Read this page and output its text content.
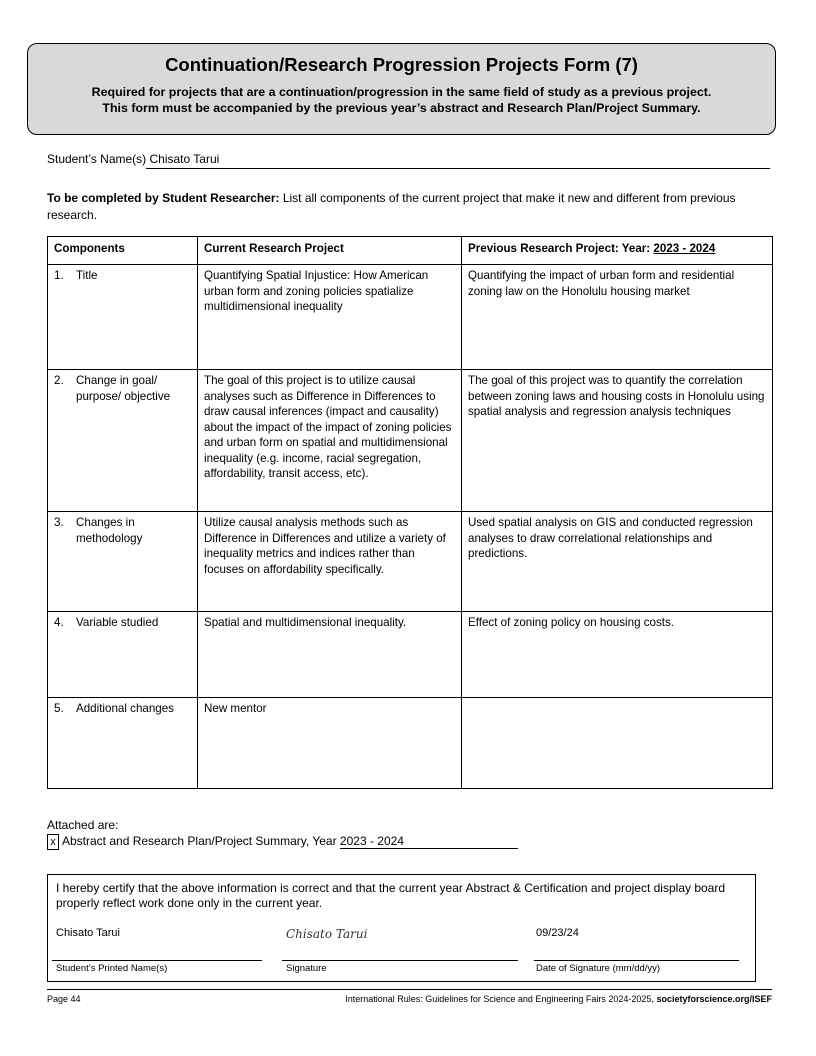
Continuation/Research Progression Projects Form (7)
Required for projects that are a continuation/progression in the same field of study as a previous project.
This form must be accompanied by the previous year’s abstract and Research Plan/Project Summary.
Student’s Name(s) Chisato Tarui
To be completed by Student Researcher: List all components of the current project that make it new and different from previous research.
Components	Current Research Project	Previous Research Project: Year: 2023 - 2024
1. Title	Quantifying Spatial Injustice: How American urban form and zoning policies spatialize multidimensional inequality	Quantifying the impact of urban form and residential zoning law on the Honolulu housing market
2. Change in goal/ purpose/ objective	The goal of this project is to utilize causal analyses such as Difference in Differences to draw causal inferences (impact and causality) about the impact of the impact of zoning policies and urban form on spatial and multidimensional inequality (e.g. income, racial segregation, affordability, transit access, etc).	The goal of this project was to quantify the correlation between zoning laws and housing costs in Honolulu using spatial analysis and regression analysis techniques
3. Changes in methodology	Utilize causal analysis methods such as Difference in Differences and utilize a variety of inequality metrics and indices rather than focuses on affordability specifically.	Used spatial analysis on GIS and conducted regression analyses to draw correlational relationships and predictions.
4. Variable studied	Spatial and multidimensional inequality.	Effect of zoning policy on housing costs.
5. Additional changes	New mentor	
Attached are:
x Abstract and Research Plan/Project Summary, Year 2023 - 2024
I hereby certify that the above information is correct and that the current year Abstract & Certification and project display board properly reflect work done only in the current year.
Chisato Tarui	Chisato Tarui	09/23/24
Student’s Printed Name(s)	Signature	Date of Signature (mm/dd/yy)
Page 44	International Rules: Guidelines for Science and Engineering Fairs 2024-2025, societyforscience.org/ISEF
